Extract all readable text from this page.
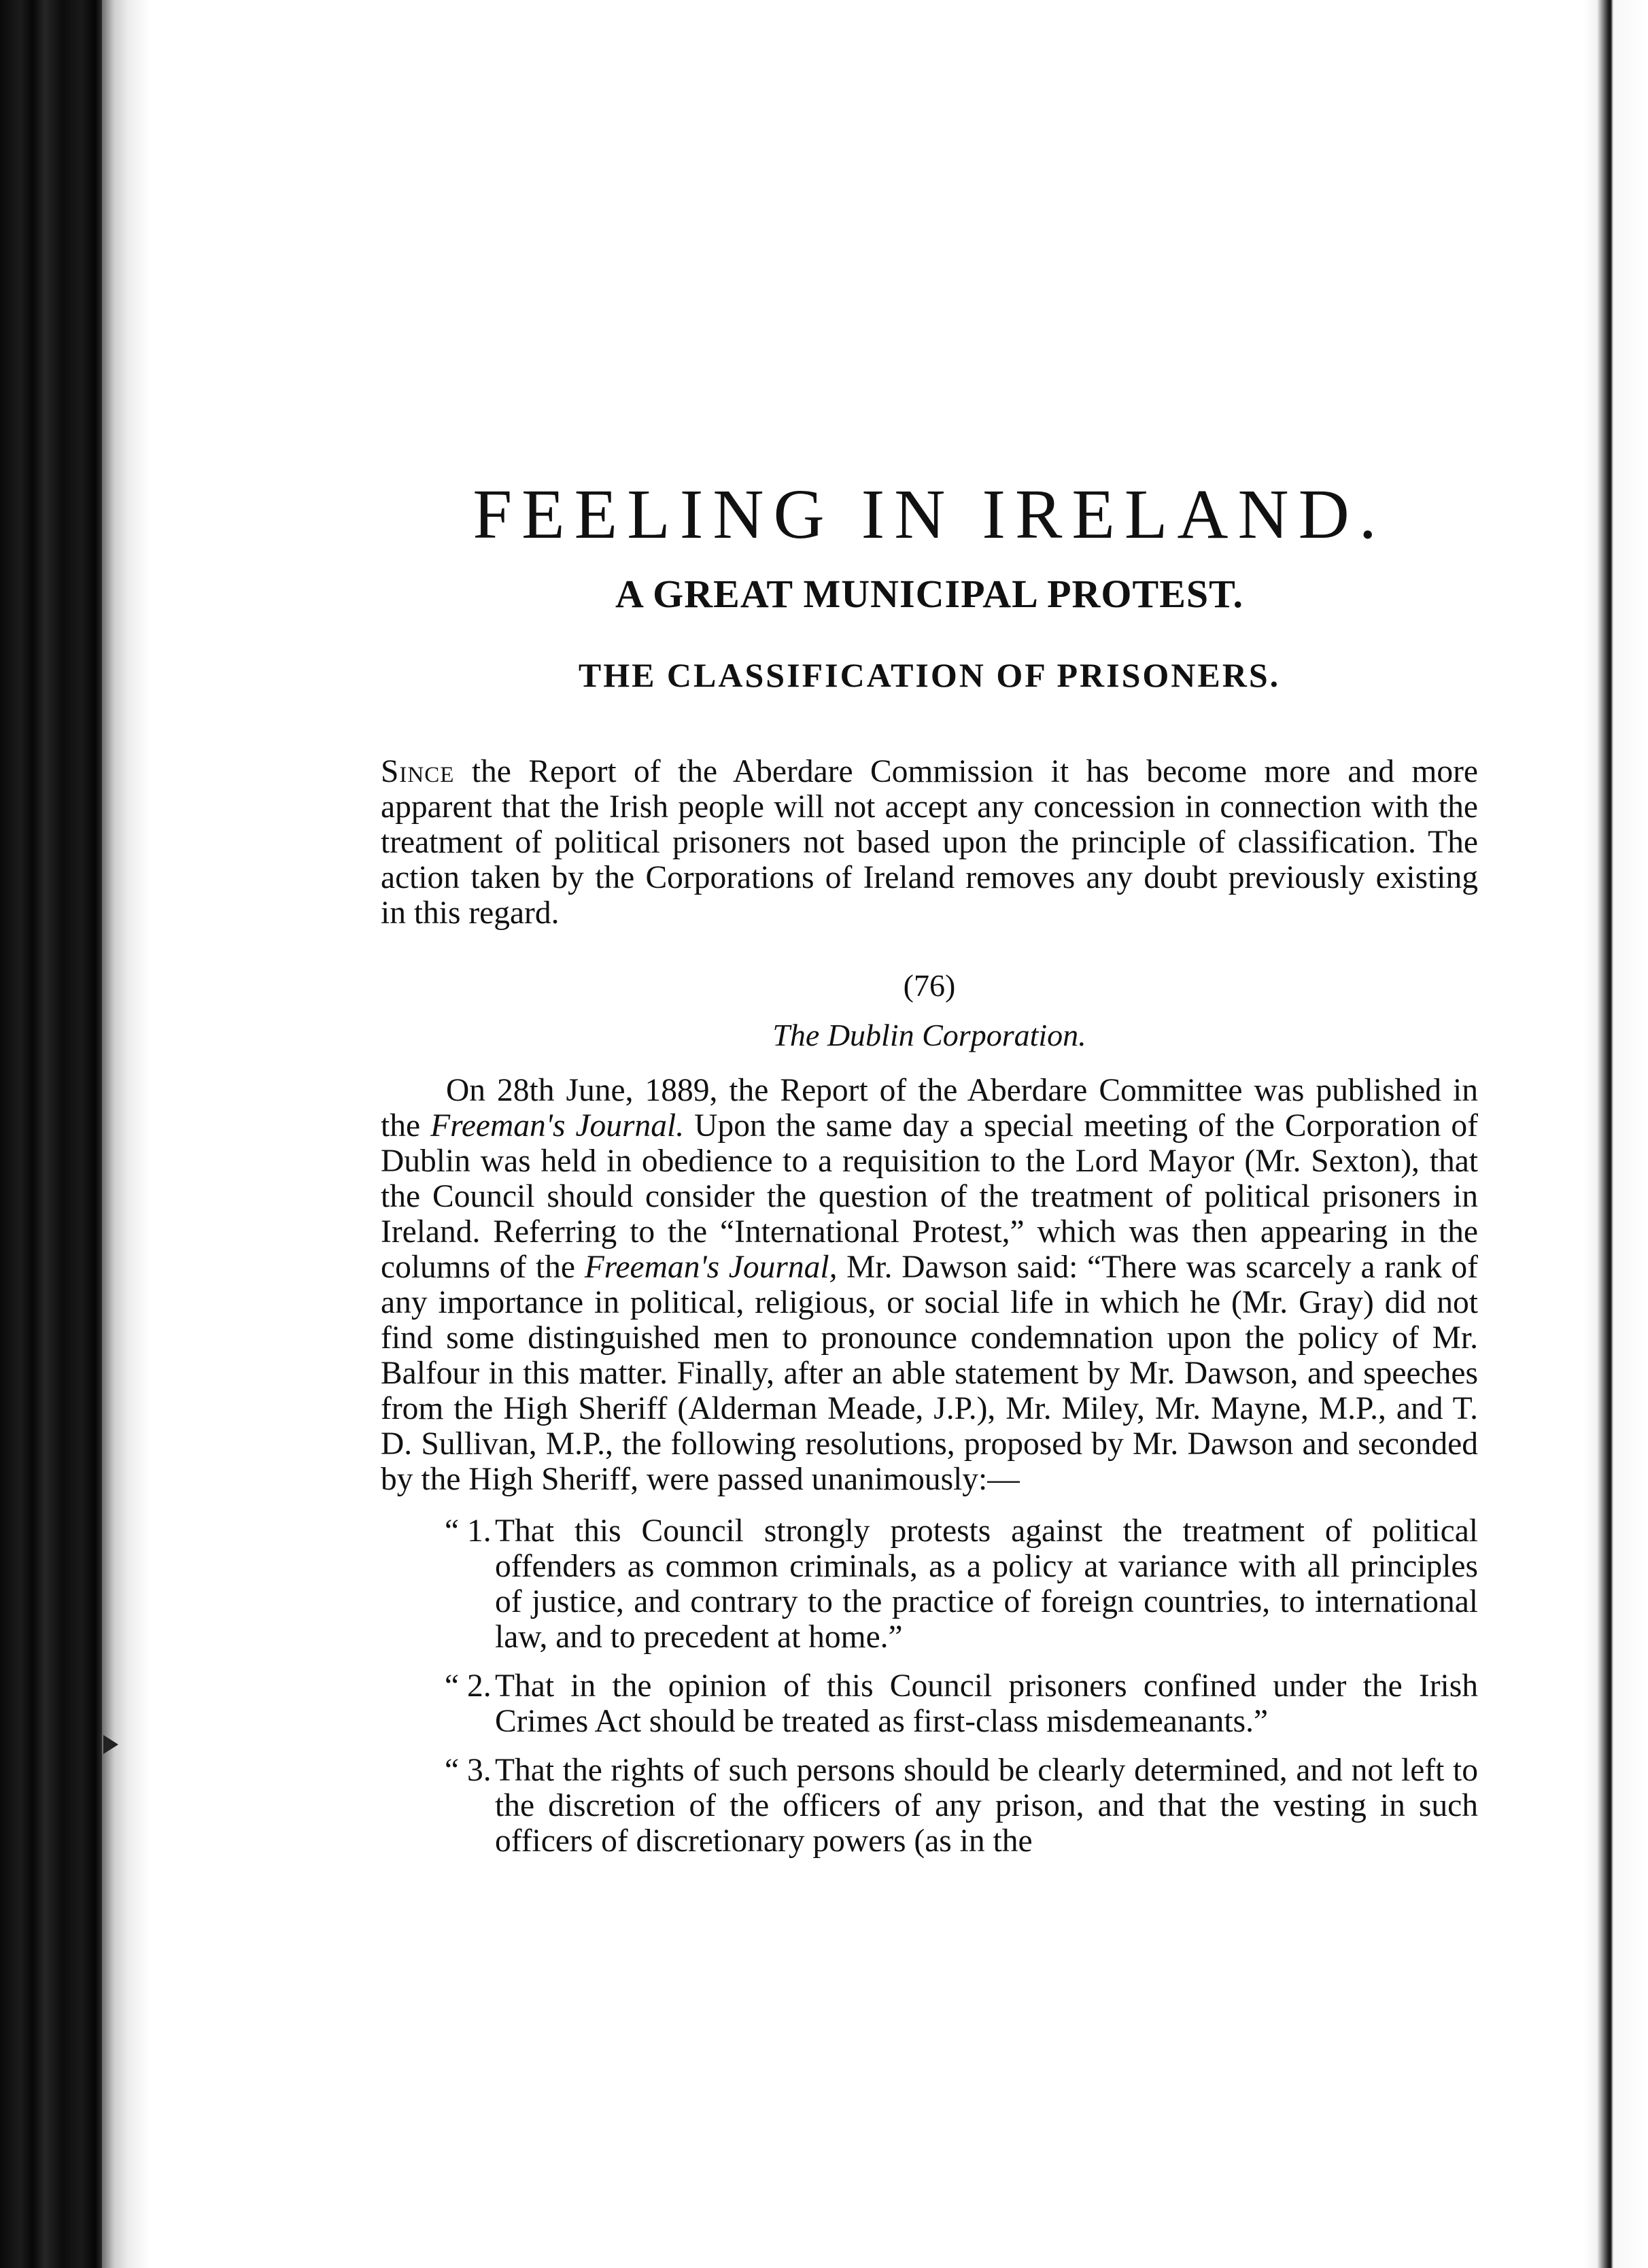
FEELING IN IRELAND.
A GREAT MUNICIPAL PROTEST.
THE CLASSIFICATION OF PRISONERS.

Since the Report of the Aberdare Commission it has become more and more apparent that the Irish people will not accept any concession in connection with the treatment of political prisoners not based upon the principle of classification. The action taken by the Corporations of Ireland removes any doubt previously existing in this regard.

(76)
The Dublin Corporation.

On 28th June, 1889, the Report of the Aberdare Committee was published in the Freeman's Journal. Upon the same day a special meeting of the Corporation of Dublin was held in obedience to a requisition to the Lord Mayor (Mr. Sexton), that the Council should consider the question of the treatment of political prisoners in Ireland. Referring to the “International Protest,” which was then appearing in the columns of the Freeman's Journal, Mr. Dawson said: “There was scarcely a rank of any importance in political, religious, or social life in which he (Mr. Gray) did not find some distinguished men to pronounce condemnation upon the policy of Mr. Balfour in this matter. Finally, after an able statement by Mr. Dawson, and speeches from the High Sheriff (Alderman Meade, J.P.), Mr. Miley, Mr. Mayne, M.P., and T. D. Sullivan, M.P., the following resolutions, proposed by Mr. Dawson and seconded by the High Sheriff, were passed unanimously:—

“ 1. That this Council strongly protests against the treatment of political offenders as common criminals, as a policy at variance with all principles of justice, and contrary to the practice of foreign countries, to international law, and to precedent at home.”

“ 2. That in the opinion of this Council prisoners confined under the Irish Crimes Act should be treated as first-class misdemeanants.”

“ 3. That the rights of such persons should be clearly determined, and not left to the discretion of the officers of any prison, and that the vesting in such officers of discretionary powers (as in the
